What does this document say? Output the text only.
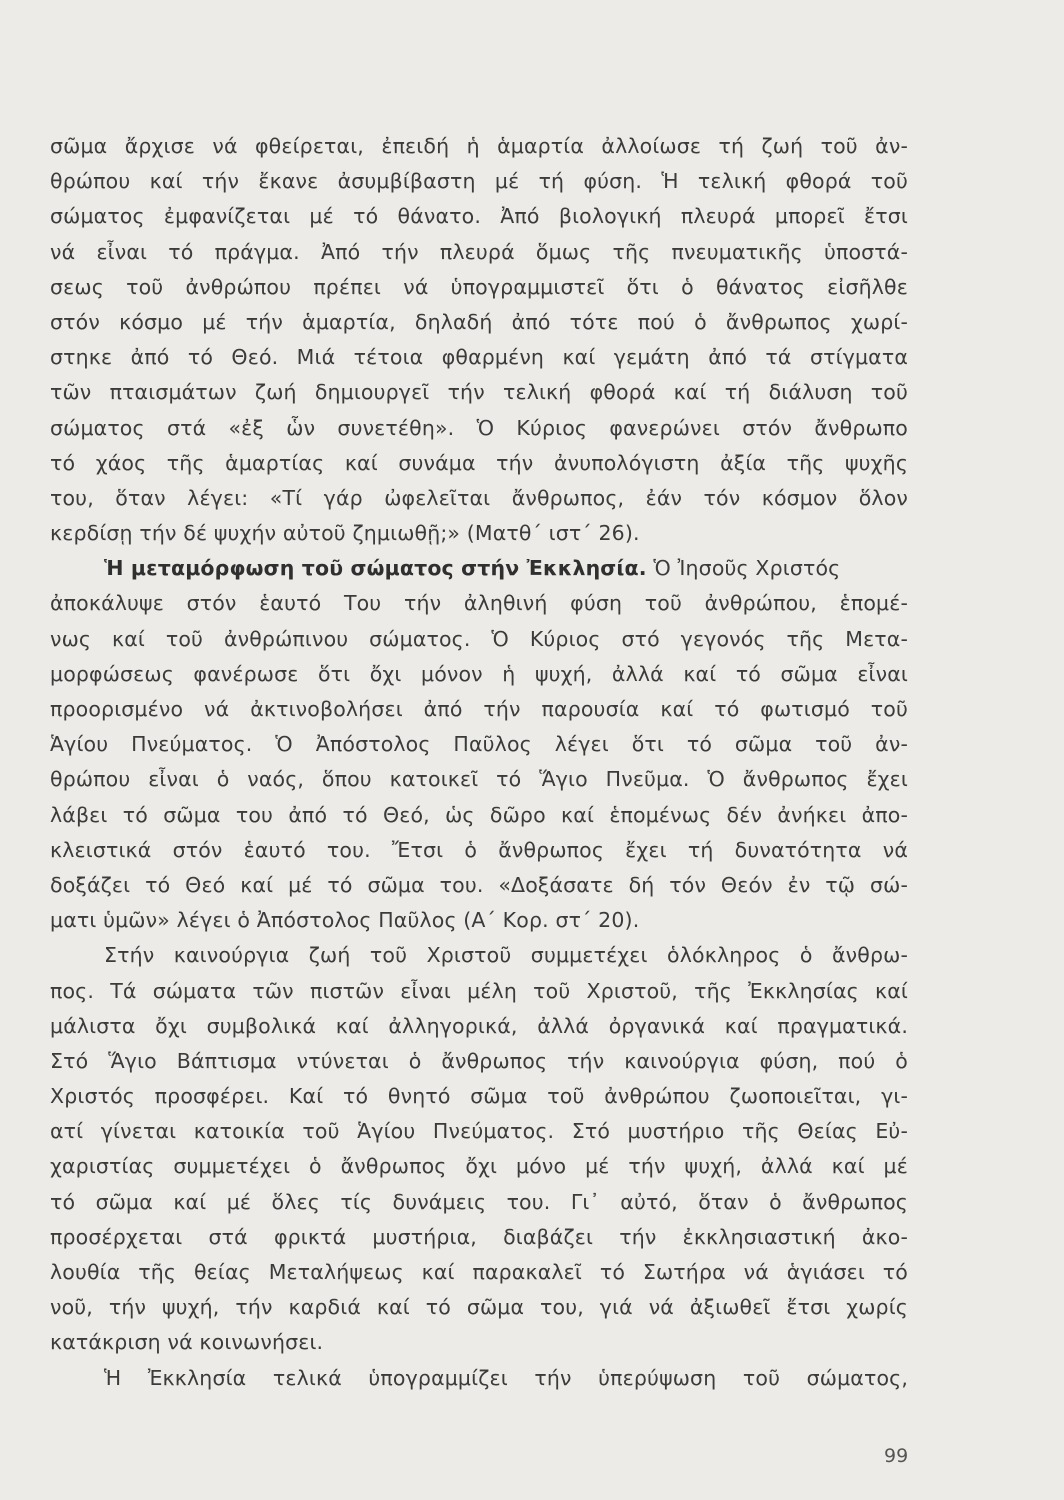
σῶμα ἄρχισε νά φθείρεται, ἐπειδή ἡ ἁμαρτία ἀλλοίωσε τή ζωή τοῦ ἀν-
θρώπου καί τήν ἔκανε ἀσυμβίβαστη μέ τή φύση. Ἡ τελική φθορά τοῦ
σώματος ἐμφανίζεται μέ τό θάνατο. Ἀπό βιολογική πλευρά μπορεῖ ἔτσι
νά εἶναι τό πράγμα. Ἀπό τήν πλευρά ὅμως τῆς πνευματικῆς ὑποστά-
σεως τοῦ ἀνθρώπου πρέπει νά ὑπογραμμιστεῖ ὅτι ὁ θάνατος εἰσῆλθε
στόν κόσμο μέ τήν ἁμαρτία, δηλαδή ἀπό τότε πού ὁ ἄνθρωπος χωρί-
στηκε ἀπό τό Θεό. Μιά τέτοια φθαρμένη καί γεμάτη ἀπό τά στίγματα
τῶν πταισμάτων ζωή δημιουργεῖ τήν τελική φθορά καί τή διάλυση τοῦ
σώματος στά «ἐξ ὧν συνετέθη». Ὁ Κύριος φανερώνει στόν ἄνθρωπο
τό χάος τῆς ἁμαρτίας καί συνάμα τήν ἀνυπολόγιστη ἀξία τῆς ψυχῆς
του, ὅταν λέγει: «Τί γάρ ὠφελεῖται ἄνθρωπος, ἐάν τόν κόσμον ὅλον
κερδίσῃ τήν δέ ψυχήν αὐτοῦ ζημιωθῇ;» (Ματθ΄ ιστ΄ 26).
Ἡ μεταμόρφωση τοῦ σώματος στήν Ἐκκλησία. Ὁ Ἰησοῦς Χριστός
ἀποκάλυψε στόν ἑαυτό Του τήν ἀληθινή φύση τοῦ ἀνθρώπου, ἑπομέ-
νως καί τοῦ ἀνθρώπινου σώματος. Ὁ Κύριος στό γεγονός τῆς Μετα-
μορφώσεως φανέρωσε ὅτι ὄχι μόνον ἡ ψυχή, ἀλλά καί τό σῶμα εἶναι
προορισμένο νά ἀκτινοβολήσει ἀπό τήν παρουσία καί τό φωτισμό τοῦ
Ἁγίου Πνεύματος. Ὁ Ἀπόστολος Παῦλος λέγει ὅτι τό σῶμα τοῦ ἀν-
θρώπου εἶναι ὁ ναός, ὅπου κατοικεῖ τό Ἅγιο Πνεῦμα. Ὁ ἄνθρωπος ἔχει
λάβει τό σῶμα του ἀπό τό Θεό, ὡς δῶρο καί ἑπομένως δέν ἀνήκει ἀπο-
κλειστικά στόν ἑαυτό του. Ἔτσι ὁ ἄνθρωπος ἔχει τή δυνατότητα νά
δοξάζει τό Θεό καί μέ τό σῶμα του. «Δοξάσατε δή τόν Θεόν ἐν τῷ σώ-
ματι ὑμῶν» λέγει ὁ Ἀπόστολος Παῦλος (Α΄ Κορ. στ΄ 20).
Στήν καινούργια ζωή τοῦ Χριστοῦ συμμετέχει ὁλόκληρος ὁ ἄνθρω-
πος. Τά σώματα τῶν πιστῶν εἶναι μέλη τοῦ Χριστοῦ, τῆς Ἐκκλησίας καί
μάλιστα ὄχι συμβολικά καί ἀλληγορικά, ἀλλά ὀργανικά καί πραγματικά.
Στό Ἅγιο Βάπτισμα ντύνεται ὁ ἄνθρωπος τήν καινούργια φύση, πού ὁ
Χριστός προσφέρει. Καί τό θνητό σῶμα τοῦ ἀνθρώπου ζωοποιεῖται, γι-
ατί γίνεται κατοικία τοῦ Ἁγίου Πνεύματος. Στό μυστήριο τῆς Θείας Εὐ-
χαριστίας συμμετέχει ὁ ἄνθρωπος ὄχι μόνο μέ τήν ψυχή, ἀλλά καί μέ
τό σῶμα καί μέ ὅλες τίς δυνάμεις του. Γι᾿ αὐτό, ὅταν ὁ ἄνθρωπος
προσέρχεται στά φρικτά μυστήρια, διαβάζει τήν ἐκκλησιαστική ἀκο-
λουθία τῆς θείας Μεταλήψεως καί παρακαλεῖ τό Σωτήρα νά ἁγιάσει τό
νοῦ, τήν ψυχή, τήν καρδιά καί τό σῶμα του, γιά νά ἀξιωθεῖ ἔτσι χωρίς
κατάκριση νά κοινωνήσει.
Ἡ Ἐκκλησία τελικά ὑπογραμμίζει τήν ὑπερύψωση τοῦ σώματος,
99
